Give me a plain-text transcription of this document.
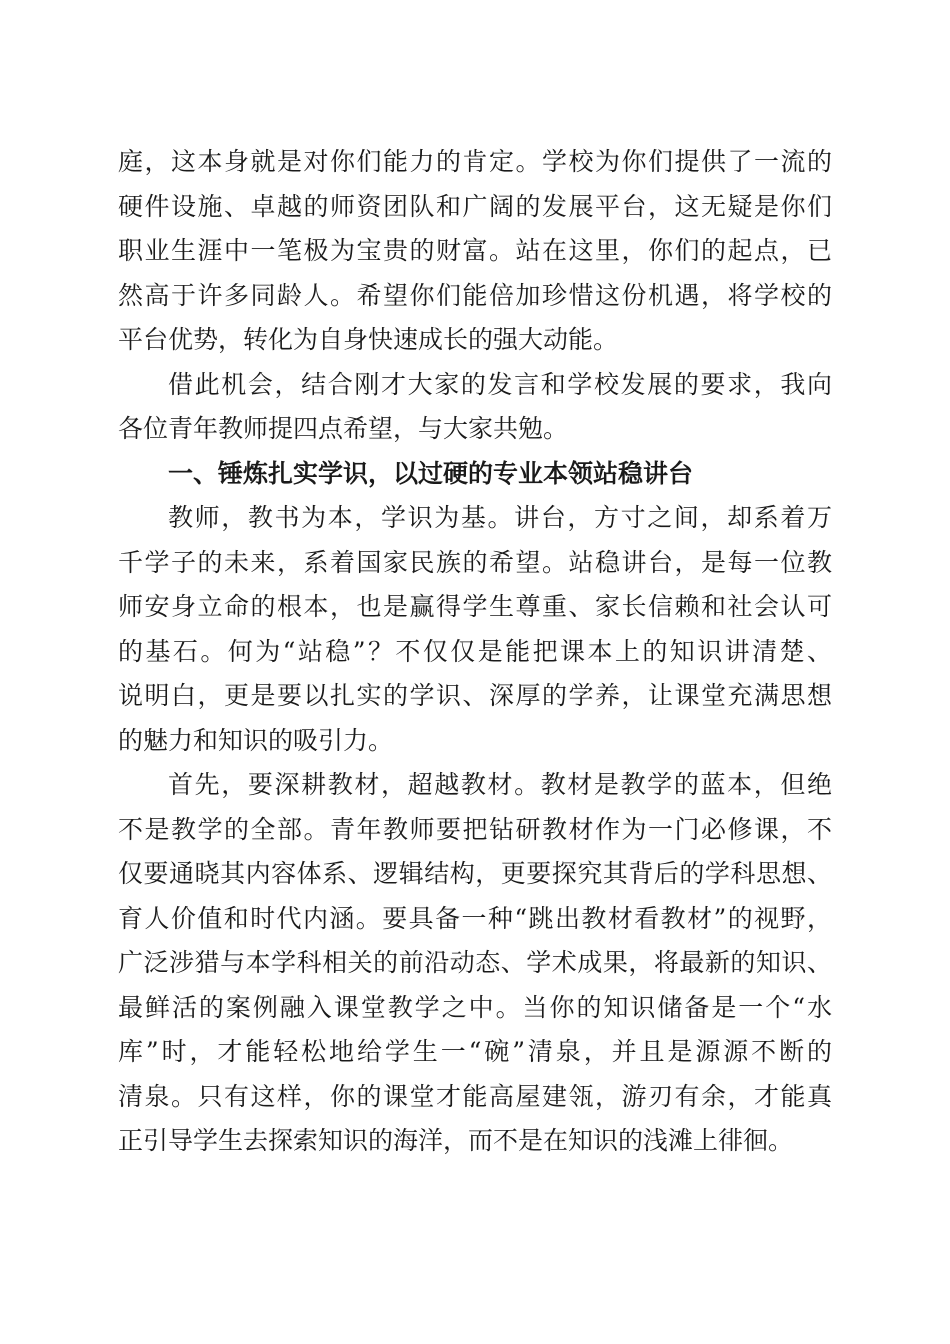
庭，这本身就是对你们能力的肯定。学校为你们提供了一流的
硬件设施、卓越的师资团队和广阔的发展平台，这无疑是你们
职业生涯中一笔极为宝贵的财富。站在这里，你们的起点，已
然高于许多同龄人。希望你们能倍加珍惜这份机遇，将学校的
平台优势，转化为自身快速成长的强大动能。
借此机会，结合刚才大家的发言和学校发展的要求，我向
各位青年教师提四点希望，与大家共勉。
一、锤炼扎实学识，以过硬的专业本领站稳讲台
教师，教书为本，学识为基。讲台，方寸之间，却系着万
千学子的未来，系着国家民族的希望。站稳讲台，是每一位教
师安身立命的根本，也是赢得学生尊重、家长信赖和社会认可
的基石。何为“站稳”？不仅仅是能把课本上的知识讲清楚、
说明白，更是要以扎实的学识、深厚的学养，让课堂充满思想
的魅力和知识的吸引力。
首先，要深耕教材，超越教材。教材是教学的蓝本，但绝
不是教学的全部。青年教师要把钻研教材作为一门必修课，不
仅要通晓其内容体系、逻辑结构，更要探究其背后的学科思想、
育人价值和时代内涵。要具备一种“跳出教材看教材”的视野，
广泛涉猎与本学科相关的前沿动态、学术成果，将最新的知识、
最鲜活的案例融入课堂教学之中。当你的知识储备是一个“水
库”时，才能轻松地给学生一“碗”清泉，并且是源源不断的
清泉。只有这样，你的课堂才能高屋建瓴，游刃有余，才能真
正引导学生去探索知识的海洋，而不是在知识的浅滩上徘徊。
